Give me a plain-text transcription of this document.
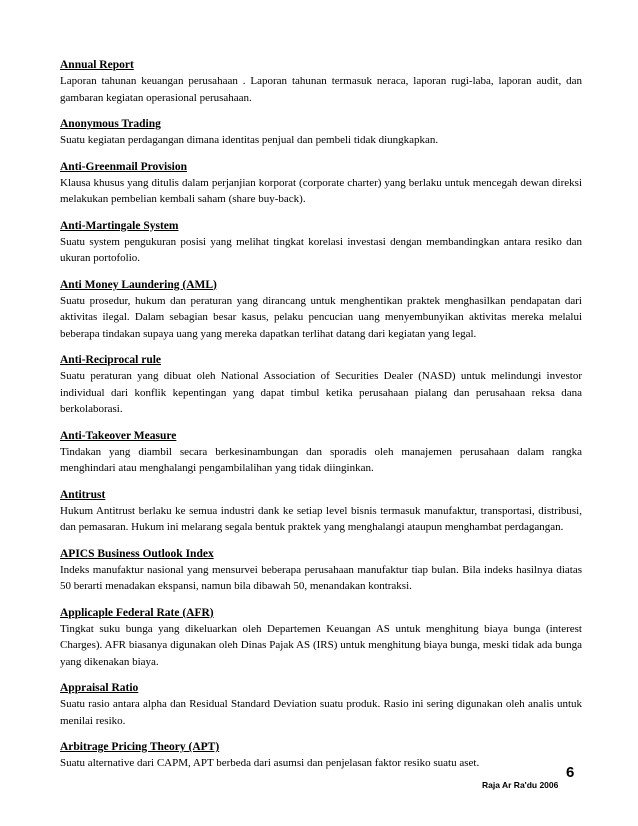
Annual Report

Laporan tahunan keuangan perusahaan . Laporan tahunan termasuk neraca, laporan rugi-laba, laporan audit, dan gambaran kegiatan operasional perusahaan.

Anonymous Trading

Suatu kegiatan perdagangan dimana identitas penjual dan pembeli tidak diungkapkan.

Anti-Greenmail Provision

Klausa khusus yang ditulis dalam perjanjian korporat (corporate charter) yang berlaku untuk mencegah dewan direksi melakukan pembelian kembali saham (share buy-back).

Anti-Martingale System

Suatu system pengukuran posisi yang melihat tingkat korelasi investasi dengan membandingkan antara resiko dan ukuran portofolio.

Anti Money Laundering (AML)

Suatu prosedur, hukum dan peraturan yang dirancang untuk menghentikan praktek menghasilkan pendapatan dari aktivitas ilegal. Dalam sebagian besar kasus, pelaku pencucian uang menyembunyikan aktivitas mereka melalui beberapa tindakan supaya uang yang mereka dapatkan terlihat datang dari kegiatan yang legal.

Anti-Reciprocal rule

Suatu peraturan yang dibuat oleh National Association of Securities Dealer (NASD) untuk melindungi investor individual dari konflik kepentingan yang dapat timbul ketika perusahaan pialang dan perusahaan reksa dana berkolaborasi.

Anti-Takeover Measure

Tindakan yang diambil secara berkesinambungan dan sporadis oleh manajemen perusahaan dalam rangka menghindari atau menghalangi pengambilalihan yang tidak diinginkan.

Antitrust

Hukum Antitrust berlaku ke semua industri dank ke setiap level bisnis termasuk manufaktur, transportasi, distribusi, dan pemasaran. Hukum ini melarang segala bentuk praktek yang menghalangi ataupun menghambat perdagangan.

APICS Business Outlook Index

Indeks manufaktur nasional yang mensurvei beberapa perusahaan manufaktur tiap bulan. Bila indeks hasilnya diatas 50 berarti menadakan ekspansi, namun bila dibawah 50, menandakan kontraksi.

Applicaple Federal Rate (AFR)

Tingkat suku bunga yang dikeluarkan oleh Departemen Keuangan AS untuk menghitung biaya bunga (interest Charges). AFR biasanya digunakan oleh Dinas Pajak AS (IRS) untuk menghitung biaya bunga, meski tidak ada bunga yang dikenakan biaya.

Appraisal Ratio

Suatu rasio antara alpha dan Residual Standard Deviation suatu produk. Rasio ini sering digunakan oleh analis untuk menilai resiko.

Arbitrage Pricing Theory (APT)

Suatu alternative dari CAPM, APT berbeda dari asumsi dan penjelasan faktor resiko suatu aset.

6
Raja Ar Ra'du 2006
